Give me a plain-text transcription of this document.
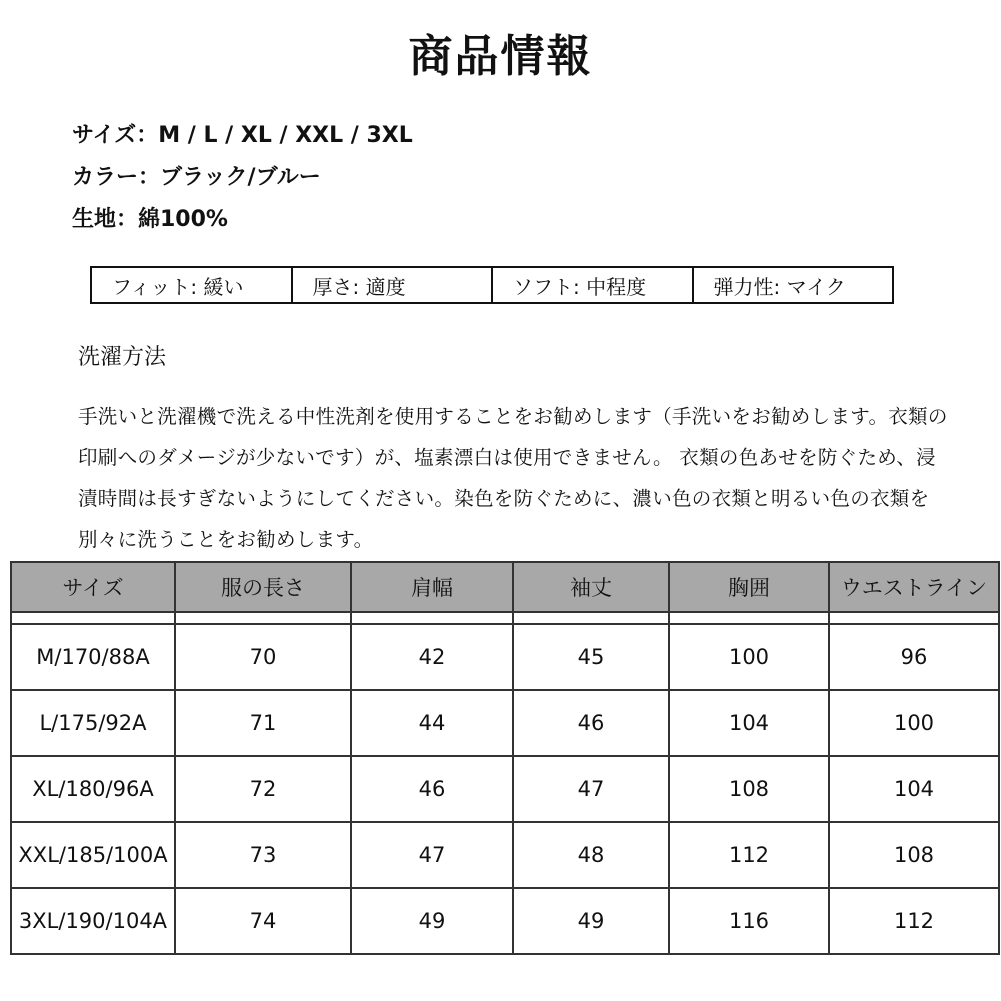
商品情報
サイズ：M / L / XL / XXL / 3XL
カラー：ブラック/ブルー
生地：綿100%
フィット: 緩い	厚さ: 適度	ソフト: 中程度	弾力性: マイク
洗濯方法
手洗いと洗濯機で洗える中性洗剤を使用することをお勧めします（手洗いをお勧めします。衣類の印刷へのダメージが少ないです）が、塩素漂白は使用できません。 衣類の色あせを防ぐため、浸漬時間は長すぎないようにしてください。染色を防ぐために、濃い色の衣類と明るい色の衣類を別々に洗うことをお勧めします。
サイズ	服の長さ	肩幅	袖丈	胸囲	ウエストライン

M/170/88A	70	42	45	100	96
L/175/92A	71	44	46	104	100
XL/180/96A	72	46	47	108	104
XXL/185/100A	73	47	48	112	108
3XL/190/104A	74	49	49	116	112
